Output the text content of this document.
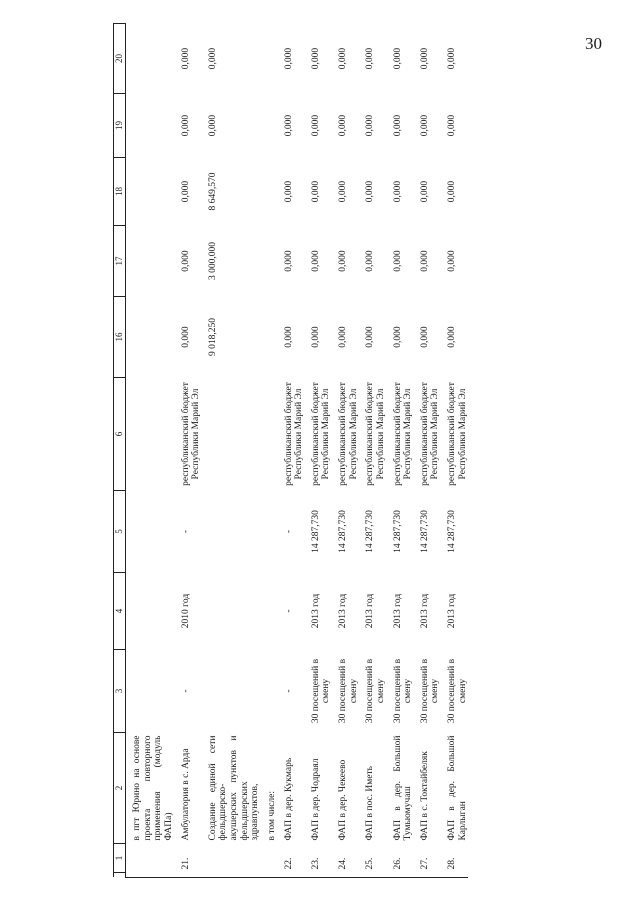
30
	1	2	3	4	5	6	16	17	18	19	20
		в пгт Юрино на основе проекта повторного применения (модуль ФАПа)									
	21.	Амбулатория в с. Арда	-	2010 год	-	республиканский бюджет Республики Марий Эл	0,000	0,000	0,000	0,000	0,000
		Создание единой сети фельдшерско-акушерских пунктов и фельдшерских здравпунктов,					9 018,250	3 000,000	8 649,570	0,000	0,000
		в том числе:									
	22.	ФАП в дер. Кукмарь	-	-	-	республиканский бюджет Республики Марий Эл	0,000	0,000	0,000	0,000	0,000
	23.	ФАП в дер. Чодраял	30 посещений в смену	2013 год	14 287,730	республиканский бюджет Республики Марий Эл	0,000	0,000	0,000	0,000	0,000
	24.	ФАП в дер. Чекеево	30 посещений в смену	2013 год	14 287,730	республиканский бюджет Республики Марий Эл	0,000	0,000	0,000	0,000	0,000
	25.	ФАП в пос. Иметь	30 посещений в смену	2013 год	14 287,730	республиканский бюджет Республики Марий Эл	0,000	0,000	0,000	0,000	0,000
	26.	ФАП в дер. Большой Тумьюмучаш	30 посещений в смену	2013 год	14 287,730	республиканский бюджет Республики Марий Эл	0,000	0,000	0,000	0,000	0,000
	27.	ФАП в с. Токтайбеляк	30 посещений в смену	2013 год	14 287,730	республиканский бюджет Республики Марий Эл	0,000	0,000	0,000	0,000	0,000
	28.	ФАП в дер. Большой Карлыган	30 посещений в смену	2013 год	14 287,730	республиканский бюджет Республики Марий Эл	0,000	0,000	0,000	0,000	0,000
